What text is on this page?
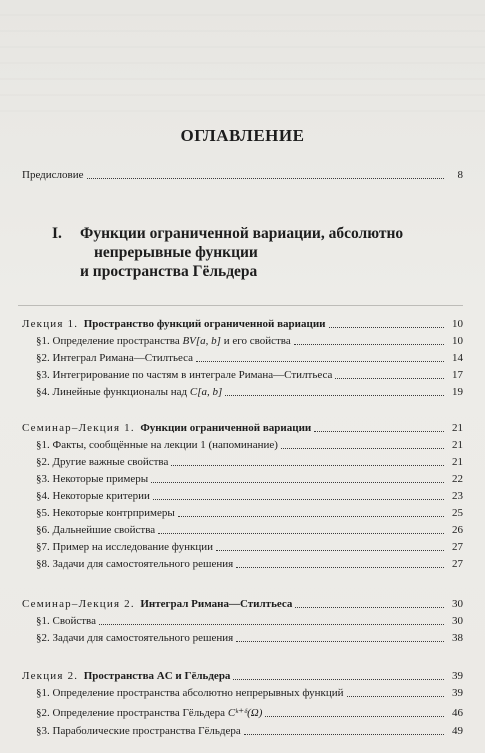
ОГЛАВЛЕНИЕ
Предисловие	8
I. Функции ограниченной вариации, абсолютно
непрерывные функции
и пространства Гёльдера
Лекция 1. Пространство функций ограниченной вариации	10
§1. Определение пространства BV[a, b] и его свойства	10
§2. Интеграл Римана—Стилтьеса	14
§3. Интегрирование по частям в интеграле Римана—Стилтьеса	17
§4. Линейные функционалы над C[a, b]	19
Семинар–Лекция 1. Функции ограниченной вариации	21
§1. Факты, сообщённые на лекции 1 (напоминание)	21
§2. Другие важные свойства	21
§3. Некоторые примеры	22
§4. Некоторые критерии	23
§5. Некоторые контрпримеры	25
§6. Дальнейшие свойства	26
§7. Пример на исследование функции	27
§8. Задачи для самостоятельного решения	27
Семинар–Лекция 2. Интеграл Римана—Стилтьеса	30
§1. Свойства	30
§2. Задачи для самостоятельного решения	38
Лекция 2. Пространства AC и Гёльдера	39
§1. Определение пространства абсолютно непрерывных функций	39
§2. Определение пространства Гёльдера Cᵏ⁺ᵟ(Ω)	46
§3. Параболические пространства Гёльдера	49
